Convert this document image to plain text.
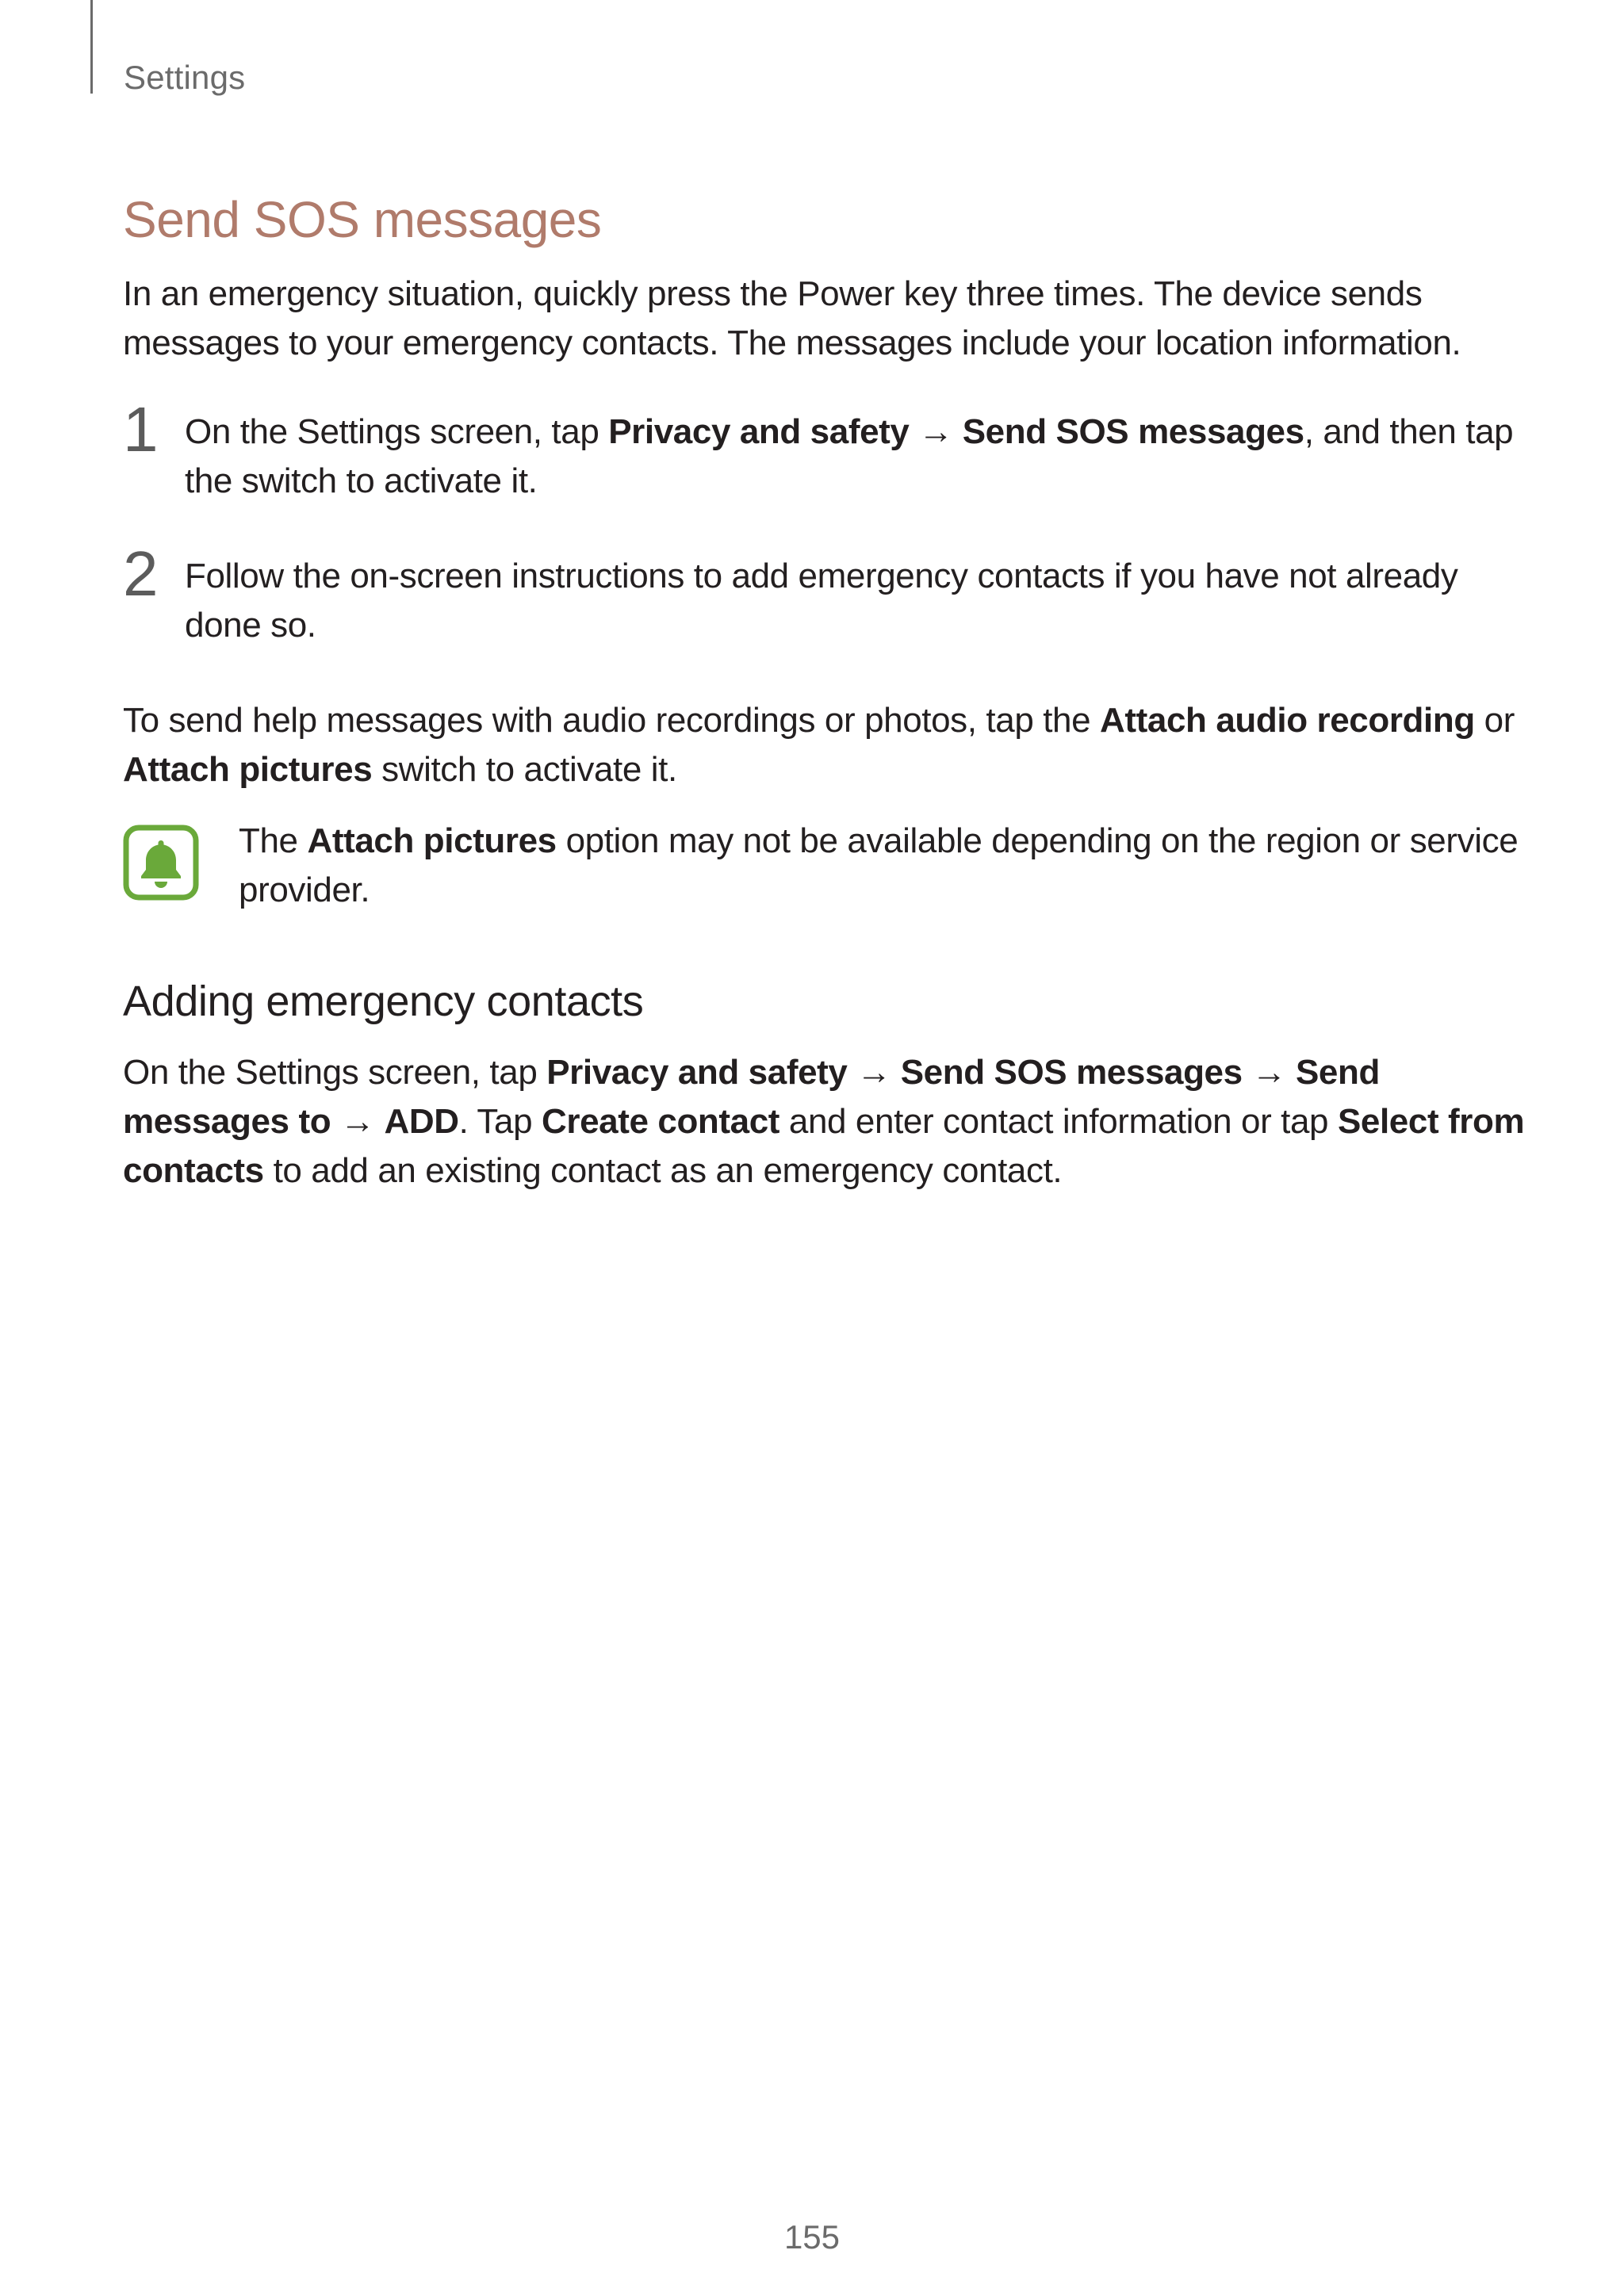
Settings
Send SOS messages

In an emergency situation, quickly press the Power key three times. The device sends messages to your emergency contacts. The messages include your location information.

1 On the Settings screen, tap Privacy and safety → Send SOS messages, and then tap the switch to activate it.

2 Follow the on-screen instructions to add emergency contacts if you have not already done so.

To send help messages with audio recordings or photos, tap the Attach audio recording or Attach pictures switch to activate it.

The Attach pictures option may not be available depending on the region or service provider.

Adding emergency contacts

On the Settings screen, tap Privacy and safety → Send SOS messages → Send messages to → ADD. Tap Create contact and enter contact information or tap Select from contacts to add an existing contact as an emergency contact.

155
